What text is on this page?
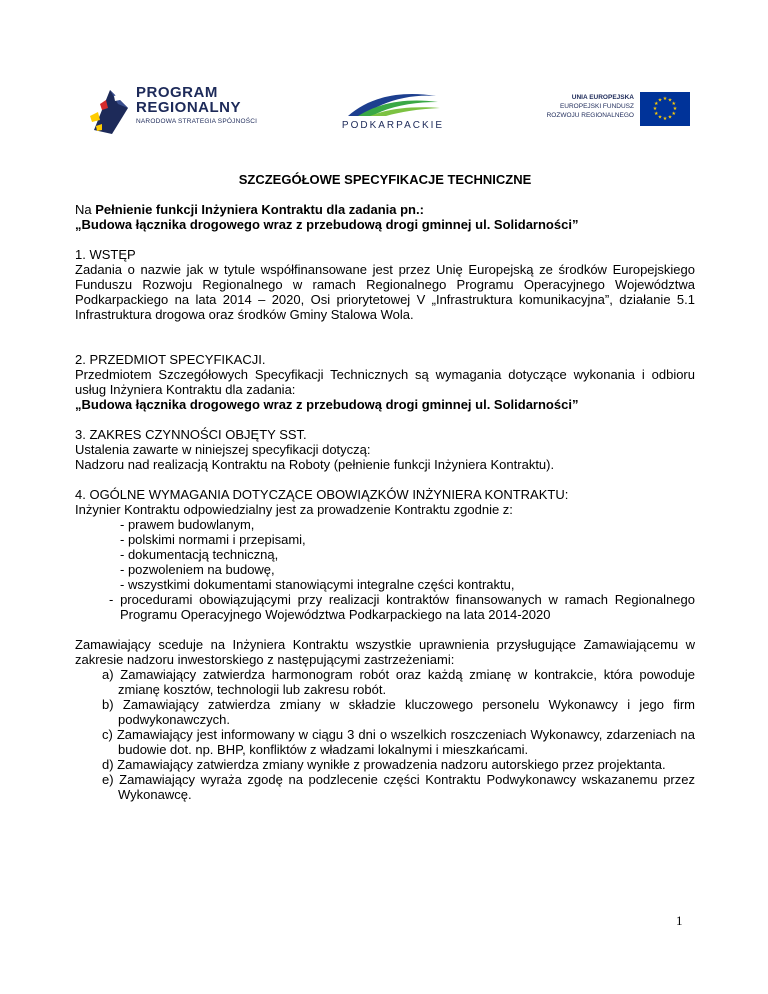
PROGRAM
REGIONALNY
NARODOWA STRATEGIA SPÓJNOŚCI	PODKARPACKIE
UNIA EUROPEJSKA
EUROPEJSKI FUNDUSZ
ROZWOJU REGIONALNEGO
★ ★
★
★
★
★
★
★
★
★
★
★

SZCZEGÓŁOWE SPECYFIKACJE TECHNICZNE

Na Pełnienie funkcji Inżyniera Kontraktu dla zadania pn.:

„Budowa łącznika drogowego wraz z przebudową drogi gminnej ul. Solidarności”

1. WSTĘP

Zadania o nazwie jak w tytule współfinansowane jest przez Unię Europejską ze środków Europejskiego Funduszu Rozwoju Regionalnego w ramach Regionalnego Programu Operacyjnego Województwa Podkarpackiego na lata 2014 – 2020, Osi priorytetowej V „Infrastruktura komunikacyjna”, działanie 5.1 Infrastruktura drogowa oraz środków Gminy Stalowa Wola.

2. PRZEDMIOT SPECYFIKACJI.

Przedmiotem Szczegółowych Specyfikacji Technicznych są wymagania dotyczące wykonania i odbioru usług Inżyniera Kontraktu dla zadania:

„Budowa łącznika drogowego wraz z przebudową drogi gminnej ul. Solidarności”

3. ZAKRES CZYNNOŚCI OBJĘTY SST.

Ustalenia zawarte w niniejszej specyfikacji dotyczą:

Nadzoru nad realizacją Kontraktu na Roboty (pełnienie funkcji Inżyniera Kontraktu).

4. OGÓLNE WYMAGANIA DOTYCZĄCE OBOWIĄZKÓW INŻYNIERA KONTRAKTU:

Inżynier Kontraktu odpowiedzialny jest za prowadzenie Kontraktu zgodnie z:

- prawem budowlanym,
- polskimi normami i przepisami,
- dokumentacją techniczną,
- pozwoleniem na budowę,
- wszystkimi dokumentami stanowiącymi integralne części kontraktu,
- procedurami obowiązującymi przy realizacji kontraktów finansowanych w ramach Regionalnego Programu Operacyjnego Województwa Podkarpackiego na lata 2014-2020

Zamawiający sceduje na Inżyniera Kontraktu wszystkie uprawnienia przysługujące Zamawiającemu w zakresie nadzoru inwestorskiego z następującymi zastrzeżeniami:

a) Zamawiający zatwierdza harmonogram robót oraz każdą zmianę w kontrakcie, która powoduje zmianę kosztów, technologii lub zakresu robót.
b) Zamawiający zatwierdza zmiany w składzie kluczowego personelu Wykonawcy i jego firm podwykonawczych.
c) Zamawiający jest informowany w ciągu 3 dni o wszelkich roszczeniach Wykonawcy, zdarzeniach na budowie dot. np. BHP, konfliktów z władzami lokalnymi i mieszkańcami.
d) Zamawiający zatwierdza zmiany wynikłe z prowadzenia nadzoru autorskiego przez projektanta.
e) Zamawiający wyraża zgodę na podzlecenie części Kontraktu Podwykonawcy wskazanemu przez Wykonawcę.
1
